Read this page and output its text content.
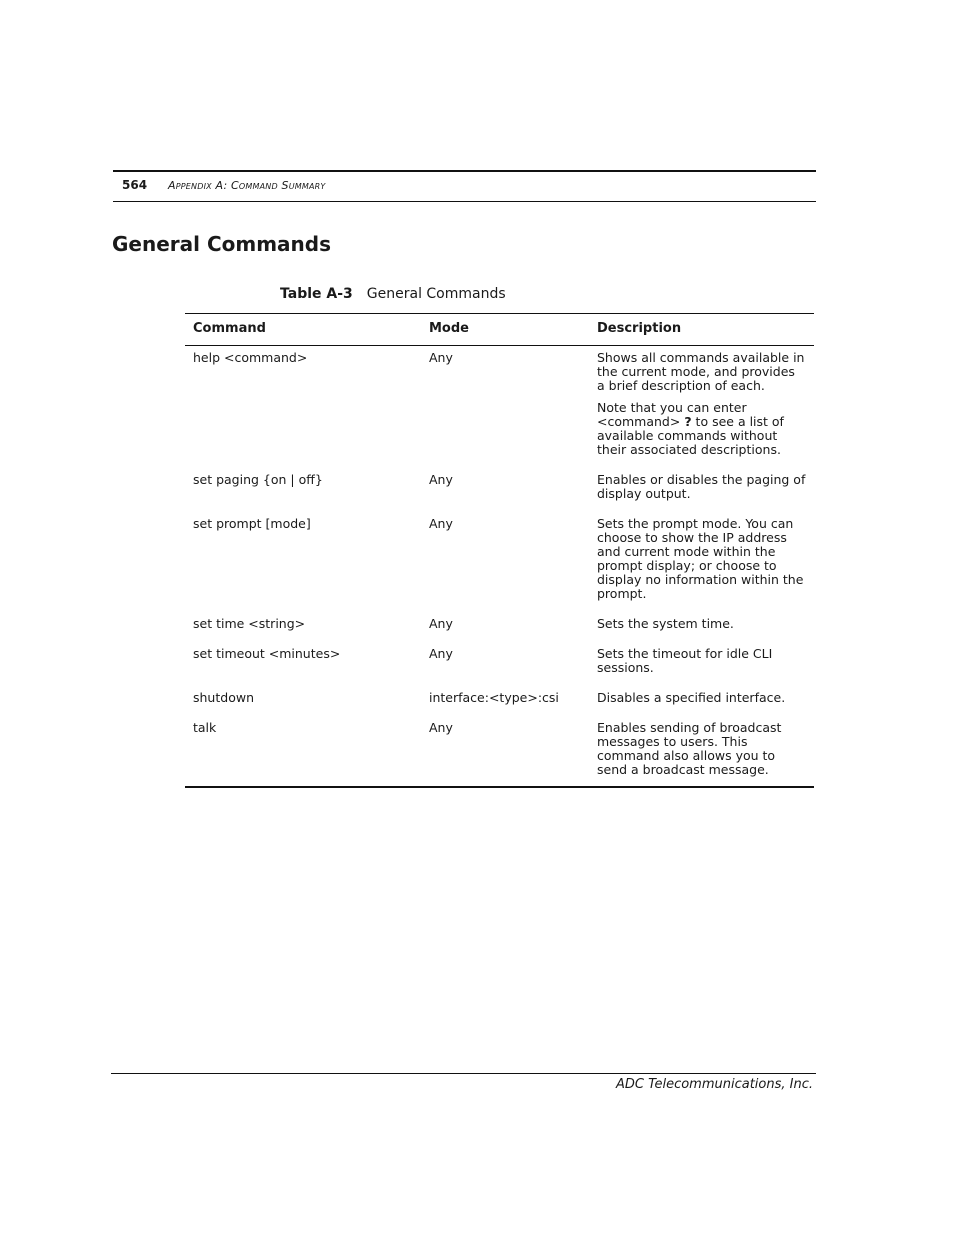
564 Appendix A: Command Summary
General Commands
Table A-3 General Commands
Command	Mode	Description
help <command>	Any	Shows all commands available in the current mode, and provides a brief description of each.
Note that you can enter <command> ? to see a list of available commands without their associated descriptions.

set paging {on | off}	Any	Enables or disables the paging of display output.
set prompt [mode]	Any	Sets the prompt mode. You can choose to show the IP address and current mode within the prompt display; or choose to display no information within the prompt.
set time <string>	Any	Sets the system time.
set timeout <minutes>	Any	Sets the timeout for idle CLI sessions.
shutdown	interface:<type>:csi	Disables a specified interface.
talk	Any	Enables sending of broadcast messages to users. This command also allows you to send a broadcast message.
ADC Telecommunications, Inc.
